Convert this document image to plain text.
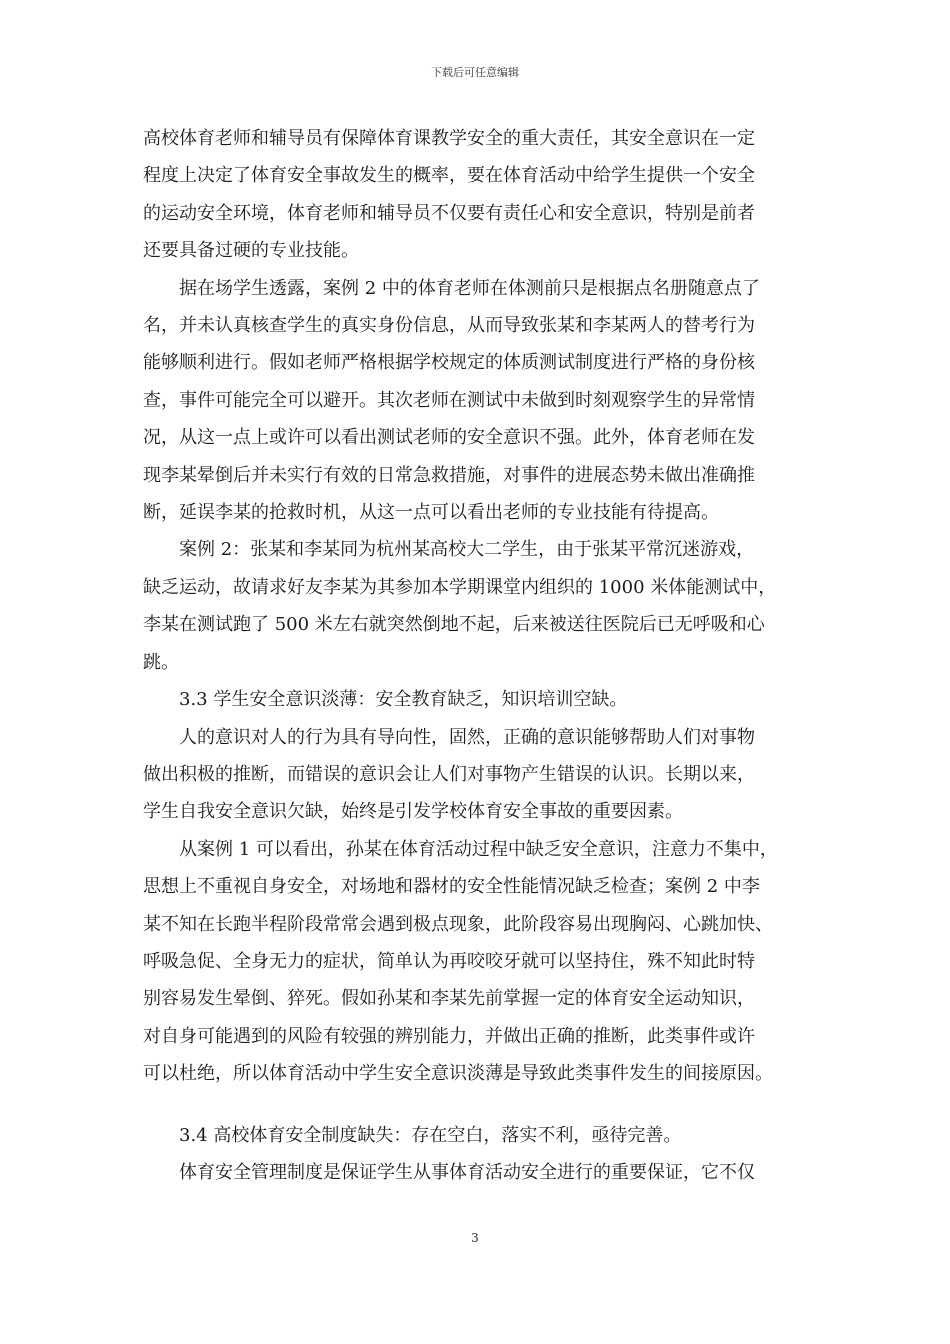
下载后可任意编辑

高校体育老师和辅导员有保障体育课教学安全的重大责任，其安全意识在一定

程度上决定了体育安全事故发生的概率，要在体育活动中给学生提供一个安全

的运动安全环境，体育老师和辅导员不仅要有责任心和安全意识，特别是前者

还要具备过硬的专业技能。

　　据在场学生透露，案例 2 中的体育老师在体测前只是根据点名册随意点了

名，并未认真核查学生的真实身份信息，从而导致张某和李某两人的替考行为

能够顺利进行。假如老师严格根据学校规定的体质测试制度进行严格的身份核

查，事件可能完全可以避开。其次老师在测试中未做到时刻观察学生的异常情

况，从这一点上或许可以看出测试老师的安全意识不强。此外，体育老师在发

现李某晕倒后并未实行有效的日常急救措施，对事件的进展态势未做出准确推

断，延误李某的抢救时机，从这一点可以看出老师的专业技能有待提高。

　　案例 2：张某和李某同为杭州某高校大二学生，由于张某平常沉迷游戏，

缺乏运动，故请求好友李某为其参加本学期课堂内组织的 1000 米体能测试中，

李某在测试跑了 500 米左右就突然倒地不起，后来被送往医院后已无呼吸和心

跳。

　　3.3 学生安全意识淡薄：安全教育缺乏，知识培训空缺。

　　人的意识对人的行为具有导向性，固然，正确的意识能够帮助人们对事物

做出积极的推断，而错误的意识会让人们对事物产生错误的认识。长期以来，

学生自我安全意识欠缺，始终是引发学校体育安全事故的重要因素。

　　从案例 1 可以看出，孙某在体育活动过程中缺乏安全意识，注意力不集中，

思想上不重视自身安全，对场地和器材的安全性能情况缺乏检查；案例 2 中李

某不知在长跑半程阶段常常会遇到极点现象，此阶段容易出现胸闷、心跳加快、

呼吸急促、全身无力的症状，简单认为再咬咬牙就可以坚持住，殊不知此时特

别容易发生晕倒、猝死。假如孙某和李某先前掌握一定的体育安全运动知识，

对自身可能遇到的风险有较强的辨别能力，并做出正确的推断，此类事件或许

可以杜绝，所以体育活动中学生安全意识淡薄是导致此类事件发生的间接原因。

　　3.4 高校体育安全制度缺失：存在空白，落实不利，亟待完善。

　　体育安全管理制度是保证学生从事体育活动安全进行的重要保证，它不仅

3
